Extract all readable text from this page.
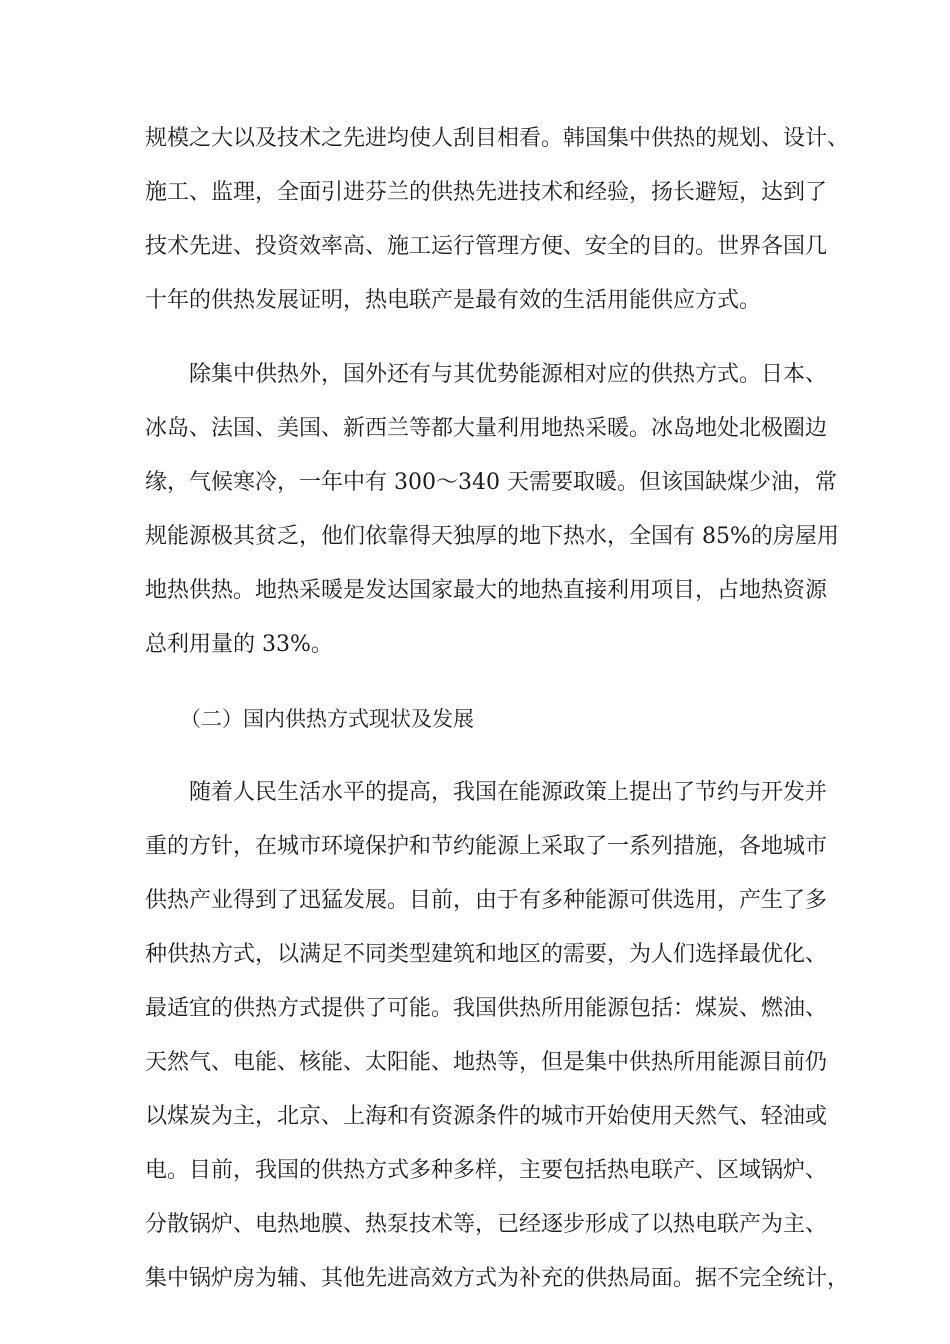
规模之大以及技术之先进均使人刮目相看。韩国集中供热的规划、设计、
施工、监理，全面引进芬兰的供热先进技术和经验，扬长避短，达到了
技术先进、投资效率高、施工运行管理方便、安全的目的。世界各国几
十年的供热发展证明，热电联产是最有效的生活用能供应方式。
除集中供热外，国外还有与其优势能源相对应的供热方式。日本、
冰岛、法国、美国、新西兰等都大量利用地热采暖。冰岛地处北极圈边
缘，气候寒冷，一年中有 300～340 天需要取暖。但该国缺煤少油，常
规能源极其贫乏，他们依靠得天独厚的地下热水，全国有 85%的房屋用
地热供热。地热采暖是发达国家最大的地热直接利用项目，占地热资源
总利用量的 33%。
（二）国内供热方式现状及发展
随着人民生活水平的提高，我国在能源政策上提出了节约与开发并
重的方针，在城市环境保护和节约能源上采取了一系列措施，各地城市
供热产业得到了迅猛发展。目前，由于有多种能源可供选用，产生了多
种供热方式，以满足不同类型建筑和地区的需要，为人们选择最优化、
最适宜的供热方式提供了可能。我国供热所用能源包括：煤炭、燃油、
天然气、电能、核能、太阳能、地热等，但是集中供热所用能源目前仍
以煤炭为主，北京、上海和有资源条件的城市开始使用天然气、轻油或
电。目前，我国的供热方式多种多样，主要包括热电联产、区域锅炉、
分散锅炉、电热地膜、热泵技术等，已经逐步形成了以热电联产为主、
集中锅炉房为辅、其他先进高效方式为补充的供热局面。据不完全统计，
